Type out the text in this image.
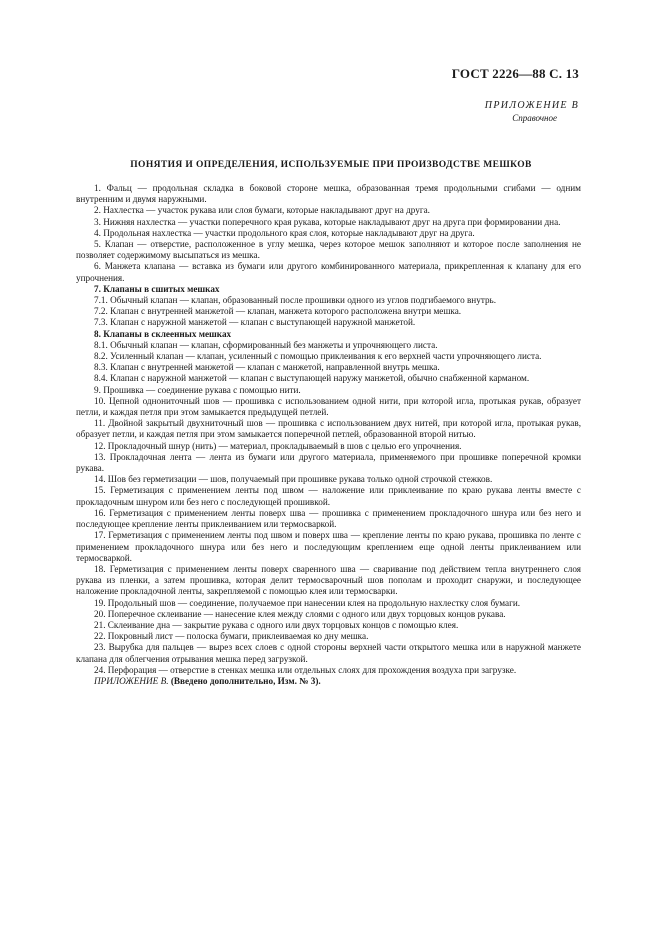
ГОСТ 2226—88 С. 13
ПРИЛОЖЕНИЕ В
Справочное
ПОНЯТИЯ И ОПРЕДЕЛЕНИЯ, ИСПОЛЬЗУЕМЫЕ ПРИ ПРОИЗВОДСТВЕ МЕШКОВ

1. Фальц — продольная складка в боковой стороне мешка, образованная тремя продольными сгибами — одним внутренним и двумя наружными.

2. Нахлестка — участок рукава или слоя бумаги, которые накладывают друг на друга.

3. Нижняя нахлестка — участки поперечного края рукава, которые накладывают друг на друга при формировании дна.

4. Продольная нахлестка — участки продольного края слоя, которые накладывают друг на друга.

5. Клапан — отверстие, расположенное в углу мешка, через которое мешок заполняют и которое после заполнения не позволяет содержимому высыпаться из мешка.

6. Манжета клапана — вставка из бумаги или другого комбинированного материала, прикрепленная к клапану для его упрочнения.

7. Клапаны в сшитых мешках

7.1. Обычный клапан — клапан, образованный после прошивки одного из углов подгибаемого внутрь.

7.2. Клапан с внутренней манжетой — клапан, манжета которого расположена внутри мешка.

7.3. Клапан с наружной манжетой — клапан с выступающей наружной манжетой.

8. Клапаны в склеенных мешках

8.1. Обычный клапан — клапан, сформированный без манжеты и упрочняющего листа.

8.2. Усиленный клапан — клапан, усиленный с помощью приклеивания к его верхней части упрочняющего листа.

8.3. Клапан с внутренней манжетой — клапан с манжетой, направленной внутрь мешка.

8.4. Клапан с наружной манжетой — клапан с выступающей наружу манжетой, обычно снабженной карманом.

9. Прошивка — соединение рукава с помощью нити.

10. Цепной однониточный шов — прошивка с использованием одной нити, при которой игла, протыкая рукав, образует петли, и каждая петля при этом замыкается предыдущей петлей.

11. Двойной закрытый двухниточный шов — прошивка с использованием двух нитей, при которой игла, протыкая рукав, образует петли, и каждая петля при этом замыкается поперечной петлей, образованной второй нитью.

12. Прокладочный шнур (нить) — материал, прокладываемый в шов с целью его упрочнения.

13. Прокладочная лента — лента из бумаги или другого материала, применяемого при прошивке поперечной кромки рукава.

14. Шов без герметизации — шов, получаемый при прошивке рукава только одной строчкой стежков.

15. Герметизация с применением ленты под швом — наложение или приклеивание по краю рукава ленты вместе с прокладочным шнуром или без него с последующей прошивкой.

16. Герметизация с применением ленты поверх шва — прошивка с применением прокладочного шнура или без него и последующее крепление ленты приклеиванием или термосваркой.

17. Герметизация с применением ленты под швом и поверх шва — крепление ленты по краю рукава, прошивка по ленте с применением прокладочного шнура или без него и последующим креплением еще одной ленты приклеиванием или термосваркой.

18. Герметизация с применением ленты поверх сваренного шва — сваривание под действием тепла внутреннего слоя рукава из пленки, а затем прошивка, которая делит термосварочный шов пополам и проходит снаружи, и последующее наложение прокладочной ленты, закрепляемой с помощью клея или термосварки.

19. Продольный шов — соединение, получаемое при нанесении клея на продольную нахлестку слоя бумаги.

20. Поперечное склеивание — нанесение клея между слоями с одного или двух торцовых концов рукава.

21. Склеивание дна — закрытие рукава с одного или двух торцовых концов с помощью клея.

22. Покровный лист — полоска бумаги, приклеиваемая ко дну мешка.

23. Вырубка для пальцев — вырез всех слоев с одной стороны верхней части открытого мешка или в наружной манжете клапана для облегчения отрывания мешка перед загрузкой.

24. Перфорация — отверстие в стенках мешка или отдельных слоях для прохождения воздуха при загрузке.

ПРИЛОЖЕНИЕ В. (Введено дополнительно, Изм. № 3).
